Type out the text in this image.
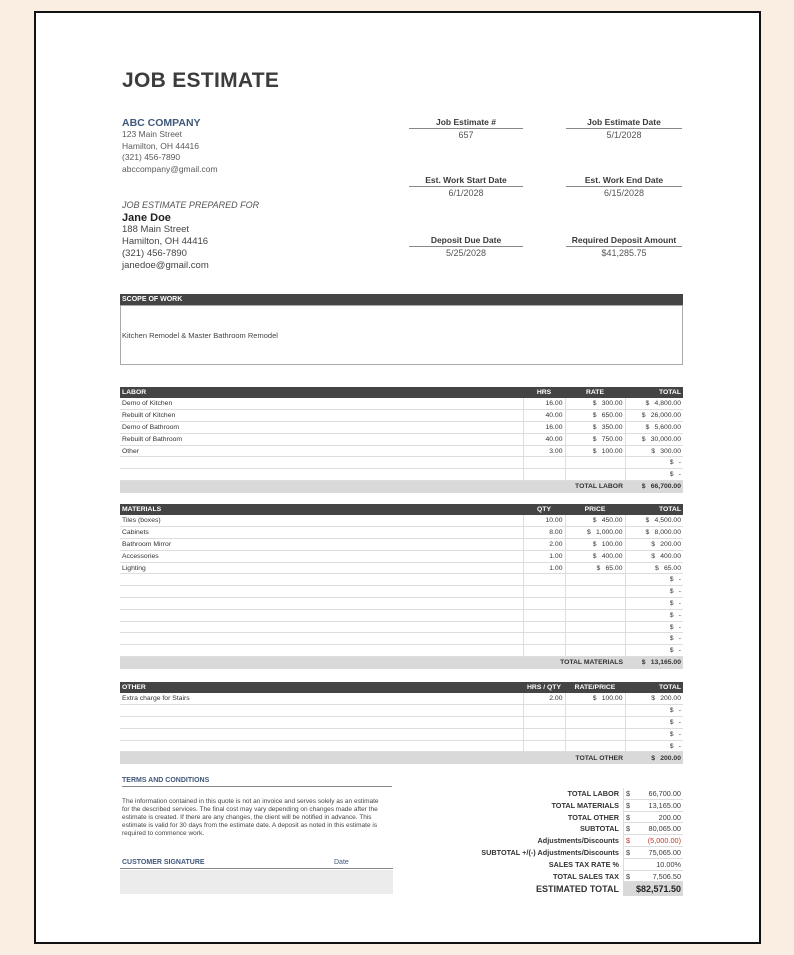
JOB ESTIMATE
ABC COMPANY
123 Main Street
Hamilton, OH 44416
(321) 456-7890
abccompany@gmail.com
JOB ESTIMATE PREPARED FOR
Jane Doe
188 Main Street
Hamilton, OH 44416
(321) 456-7890
janedoe@gmail.com
Job Estimate #
657
Job Estimate Date
5/1/2028
Est. Work Start Date
6/1/2028
Est. Work End Date
6/15/2028
Deposit Due Date
5/25/2028
Required Deposit Amount
$41,285.75
SCOPE OF WORK
Kitchen Remodel & Master Bathroom Remodel
LABOR	HRS	RATE	TOTAL
Demo of Kitchen	16.00	$ 300.00	$ 4,800.00
Rebuilt of Kitchen	40.00	$ 650.00	$ 26,000.00
Demo of Bathroom	16.00	$ 350.00	$ 5,600.00
Rebuilt of Bathroom	40.00	$ 750.00	$ 30,000.00
Other	3.00	$ 100.00	$ 300.00
			$ -
			$ -
TOTAL LABOR			$ 66,700.00
MATERIALS	QTY	PRICE	TOTAL
Tiles (boxes)	10.00	$ 450.00	$ 4,500.00
Cabinets	8.00	$ 1,000.00	$ 8,000.00
Bathroom Mirror	2.00	$ 100.00	$ 200.00
Accessories	1.00	$ 400.00	$ 400.00
Lighting	1.00	$ 65.00	$ 65.00
			$ -
			$ -
			$ -
			$ -
			$ -
			$ -
			$ -
TOTAL MATERIALS			$ 13,165.00
OTHER	HRS / QTY	RATE/PRICE	TOTAL
Extra charge for Stairs	2.00	$ 100.00	$ 200.00
			$ -
			$ -
			$ -
			$ -
TOTAL OTHER			$ 200.00
TERMS AND CONDITIONS
The information contained in this quote is not an invoice and serves solely as an estimate for the described services. The final cost may vary depending on changes made after the estimate is created. If there are any changes, the client will be notified in advance. This estimate is valid for 30 days from the estimate date. A deposit as noted in this estimate is required to commence work.
CUSTOMER SIGNATURE	Date
TOTAL LABOR $	66,700.00
TOTAL MATERIALS $	13,165.00
TOTAL OTHER $	200.00
SUBTOTAL $	80,065.00
Adjustments/Discounts $	(5,000.00)
SUBTOTAL +/(-) Adjustments/Discounts $	75,065.00
SALES TAX RATE %	10.00%
TOTAL SALES TAX $	7,506.50
ESTIMATED TOTAL	$82,571.50
